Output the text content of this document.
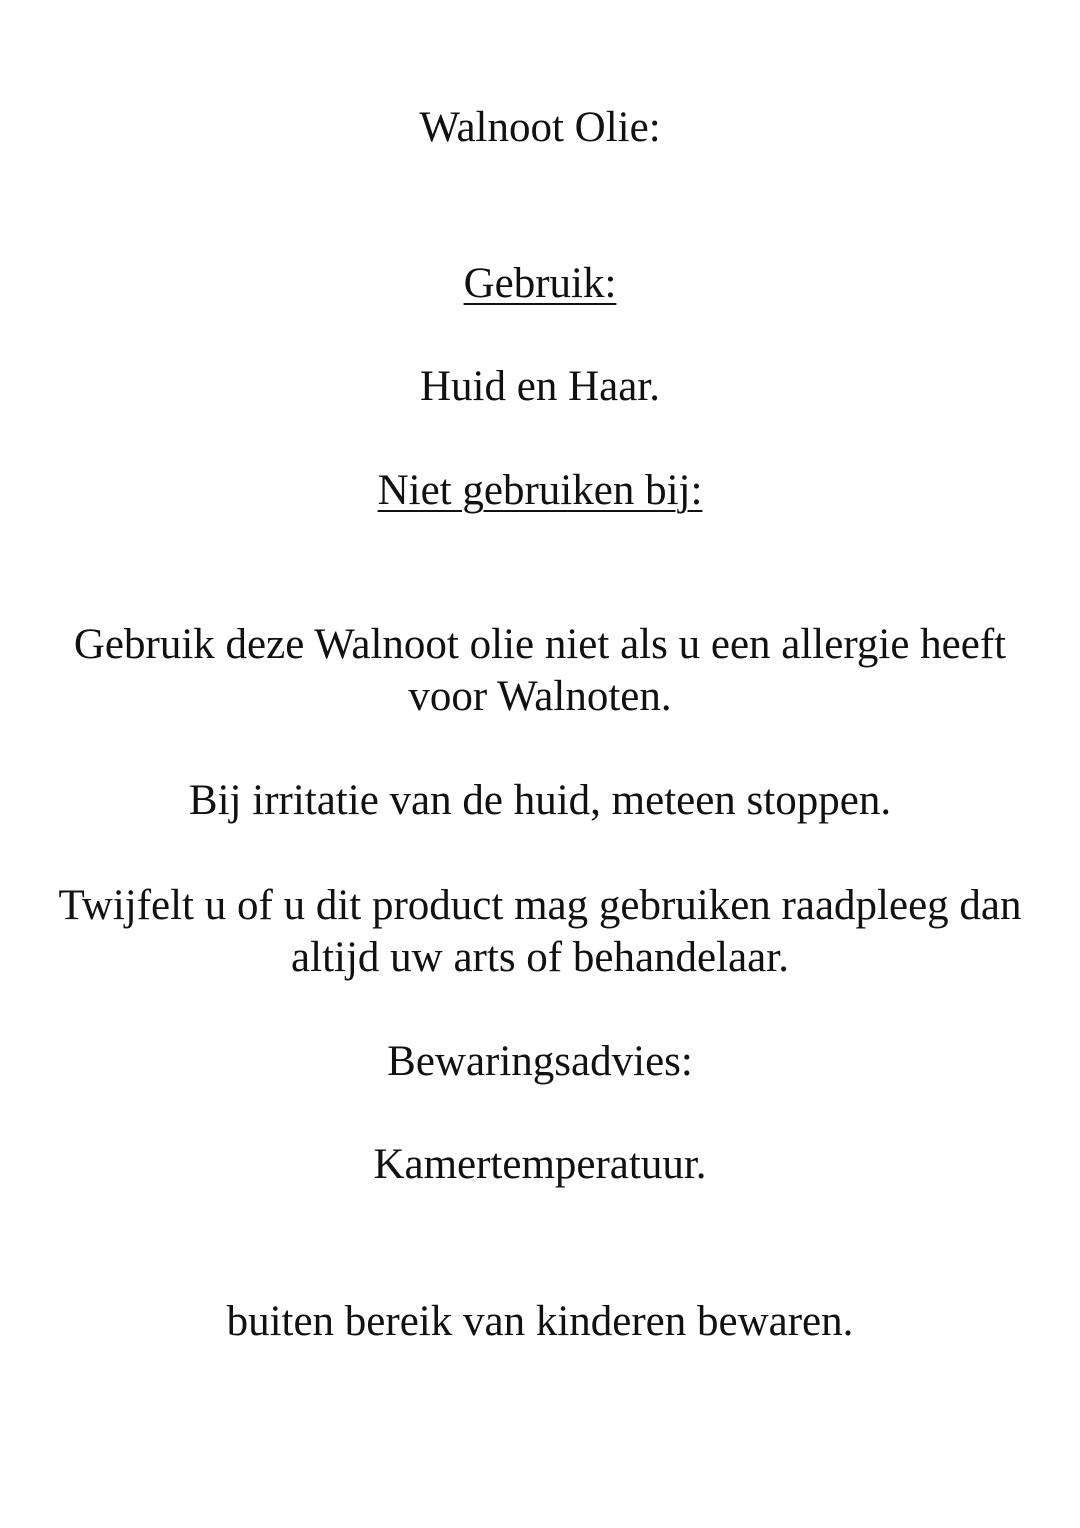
Walnoot Olie:
Gebruik:
Huid en Haar.
Niet gebruiken bij:
Gebruik deze Walnoot olie niet als u een allergie heeft
voor Walnoten.
Bij irritatie van de huid, meteen stoppen.
Twijfelt u of u dit product mag gebruiken raadpleeg dan
altijd uw arts of behandelaar.
Bewaringsadvies:
Kamertemperatuur.
buiten bereik van kinderen bewaren.
